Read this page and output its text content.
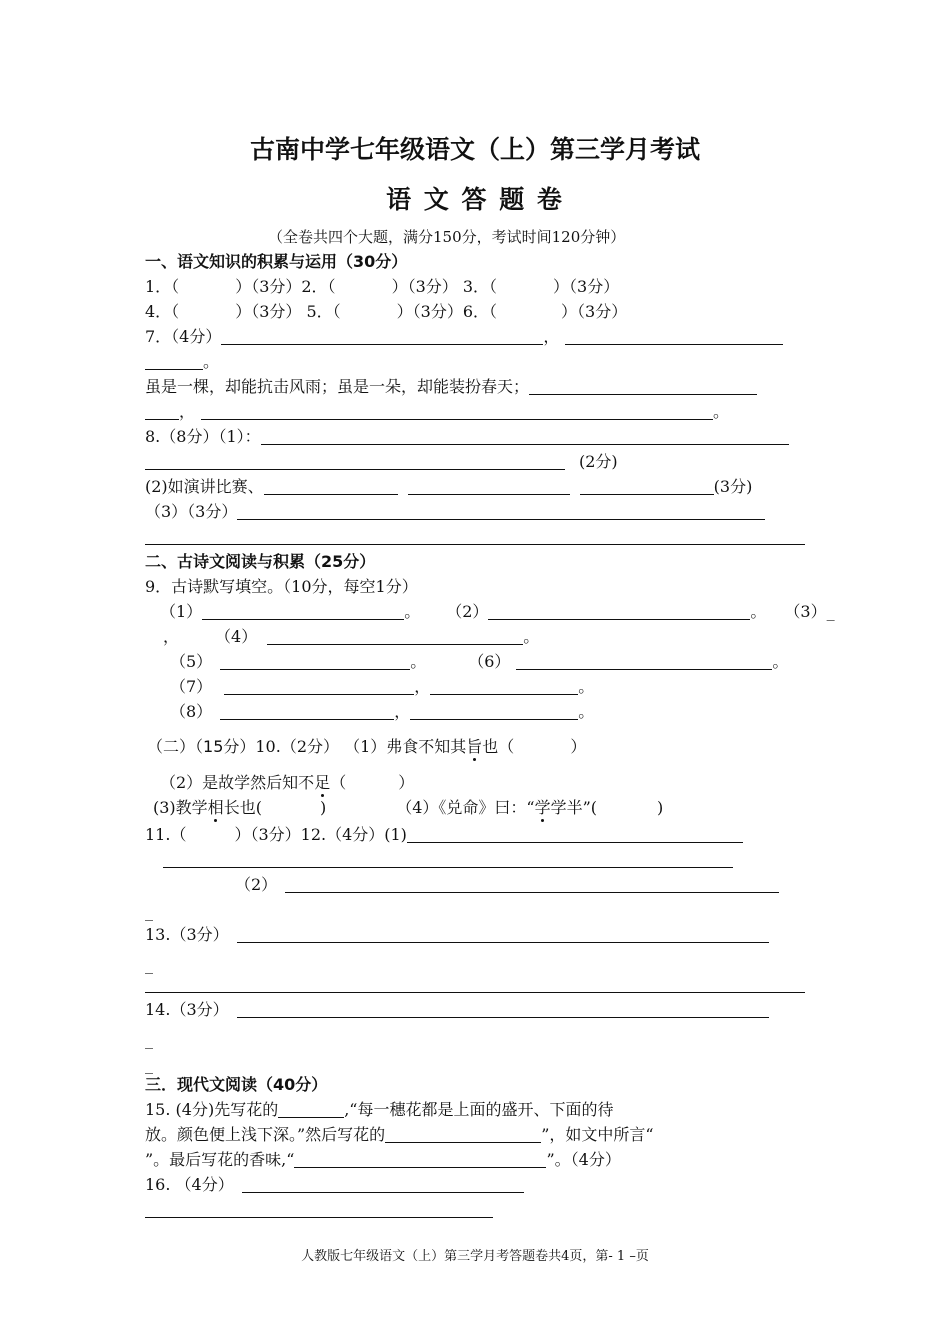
古南中学七年级语文（上）第三学月考试
语 文 答 题 卷
（全卷共四个大题，满分150分，考试时间120分钟）
一、语文知识的积累与运用（30分）
1．（	）（3分）2．（	）（3分） 3．（	）（3分）
4．（	）（3分） 5．（	）（3分）6．（	）（3分）
7．（4分）	，
。
虽是一棵，却能抗击风雨；虽是一朵，却能装扮春天；
，	。
8.（8分）（1）：
(2分)
(2)如演讲比赛、	(3分)
（3）（3分）
二、古诗文阅读与积累（25分）
9．古诗默写填空。（10分，每空1分）
（1）	。 （2）	。 （3）_
， （4）	。
（5）	。	（6）	。
（7）	，	。
（8）	，	。
（二）（15分）10.（2分） （1）弗食不知其旨也（	）
（2）是故学然后知不足（	）
(3)教学相长也(	)	（4）《兑命》曰：“学学半”(	)
11.（	）（3分）12.（4分）(1)
（2）
_
13.（3分）
_
14.（3分）
_
_
三．现代文阅读（40分）
15. (4分)先写花的	,“每一穗花都是上面的盛开、下面的待
放。颜色便上浅下深。”然后写花的	”，如文中所言“
”。最后写花的香味,“	”。（4分）
16. （4分）
人教版七年级语文（上）第三学月考答题卷共4页，第- 1 –页
